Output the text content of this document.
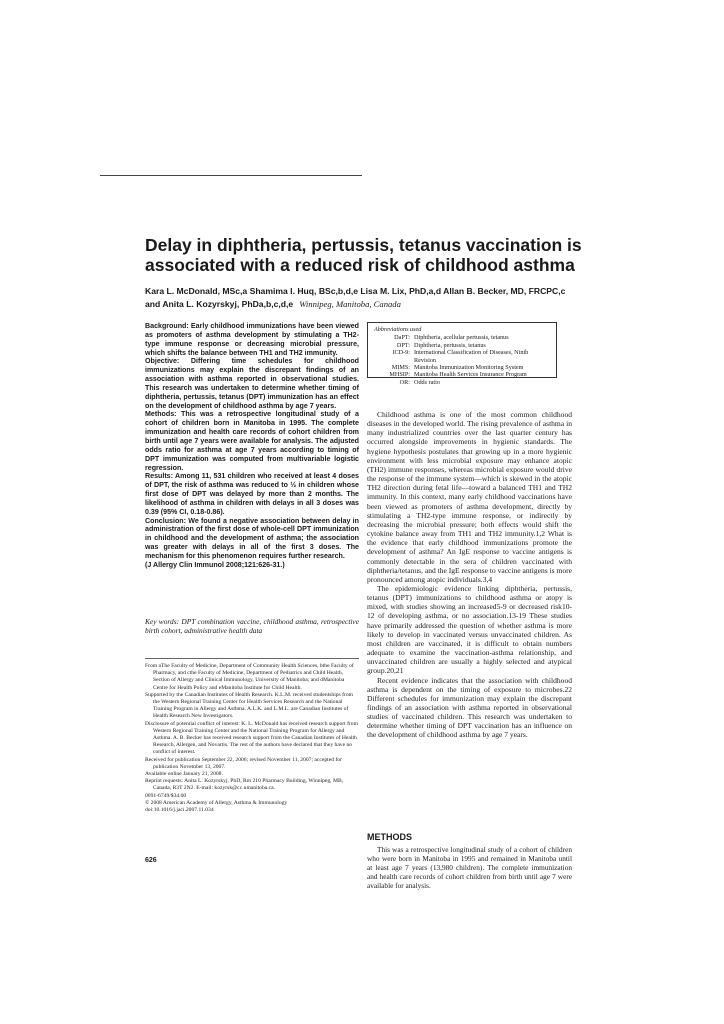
Delay in diphtheria, pertussis, tetanus vaccination is associated with a reduced risk of childhood asthma
Kara L. McDonald, MSc,a Shamima I. Huq, BSc,b,d,e Lisa M. Lix, PhD,a,d Allan B. Becker, MD, FRCPC,c
and Anita L. Kozyrskyj, PhDa,b,c,d,e Winnipeg, Manitoba, Canada

Background: Early childhood immunizations have been viewed as promoters of asthma development by stimulating a TH2-type immune response or decreasing microbial pressure, which shifts the balance between TH1 and TH2 immunity.

Objective: Differing time schedules for childhood immunizations may explain the discrepant findings of an association with asthma reported in observational studies. This research was undertaken to determine whether timing of diphtheria, pertussis, tetanus (DPT) immunization has an effect on the development of childhood asthma by age 7 years.

Methods: This was a retrospective longitudinal study of a cohort of children born in Manitoba in 1995. The complete immunization and health care records of cohort children from birth until age 7 years were available for analysis. The adjusted odds ratio for asthma at age 7 years according to timing of DPT immunization was computed from multivariable logistic regression.

Results: Among 11, 531 children who received at least 4 doses of DPT, the risk of asthma was reduced to ½ in children whose first dose of DPT was delayed by more than 2 months. The likelihood of asthma in children with delays in all 3 doses was 0.39 (95% CI, 0.18-0.86).

Conclusion: We found a negative association between delay in administration of the first dose of whole-cell DPT immunization in childhood and the development of asthma; the association was greater with delays in all of the first 3 doses. The mechanism for this phenomenon requires further research.

(J Allergy Clin Immunol 2008;121:626-31.)

Key words: DPT combination vaccine, childhood asthma, retrospective birth cohort, administrative health data

From aThe Faculty of Medicine, Department of Community Health Sciences, bthe Faculty of Pharmacy, and cthe Faculty of Medicine, Department of Pediatrics and Child Health, Section of Allergy and Clinical Immunology, University of Manitoba; and dManitoba Centre for Health Policy and eManitoba Institute for Child Health.

Supported by the Canadian Institutes of Health Research. K.L.M. received studentships from the Western Regional Training Center for Health Services Research and the National Training Program in Allergy and Asthma. A.L.K. and L.M.L. are Canadian Institutes of Health Research New Investigators.

Disclosure of potential conflict of interest: K. L. McDonald has received research support from Western Regional Training Center and the National Training Program for Allergy and Asthma. A. B. Becker has received research support from the Canadian Institutes of Health Research, Allergen, and Novartis. The rest of the authors have declared that they have no conflict of interest.

Received for publication September 22, 2006; revised November 11, 2007; accepted for publication November 13, 2007.

Available online January 21, 2008.

Reprint requests: Anita L. Kozyrskyj, PhD, Rm 210 Pharmacy Building, Winnipeg, MB, Canada, R3T 2N2. E-mail: kozyrsk@cc.umanitoba.ca.

0091-6749/$34.00

© 2008 American Academy of Allergy, Asthma & Immunology

doi:10.1016/j.jaci.2007.11.034

626
Abbreviations used
DaPT: Diphtheria, acellular pertussis, tetanus
DPT: Diphtheria, pertussis, tetanus
ICD-9: International Classification of Diseases, Ninth Revision
MIMS: Manitoba Immunization Monitoring System
MHSIP: Manitoba Health Services Insurance Program
OR: Odds ratio

Childhood asthma is one of the most common childhood diseases in the developed world. The rising prevalence of asthma in many industrialized countries over the last quarter century has occurred alongside improvements in hygienic standards. The hygiene hypothesis postulates that growing up in a more hygienic environment with less microbial exposure may enhance atopic (TH2) immune responses, whereas microbial exposure would drive the response of the immune system—which is skewed in the atopic TH2 direction during fetal life—toward a balanced TH1 and TH2 immunity. In this context, many early childhood vaccinations have been viewed as promoters of asthma development, directly by stimulating a TH2-type immune response, or indirectly by decreasing the microbial pressure; both effects would shift the cytokine balance away from TH1 and TH2 immunity.1,2 What is the evidence that early childhood immunizations promote the development of asthma? An IgE response to vaccine antigens is commonly detectable in the sera of children vaccinated with diphtheria/tetanus, and the IgE response to vaccine antigens is more pronounced among atopic individuals.3,4

The epidemiologic evidence linking diphtheria, pertussis, tetanus (DPT) immunizations to childhood asthma or atopy is mixed, with studies showing an increased5-9 or decreased risk10-12 of developing asthma, or no association.13-19 These studies have primarily addressed the question of whether asthma is more likely to develop in vaccinated versus unvaccinated children. As most children are vaccinated, it is difficult to obtain numbers adequate to examine the vaccination-asthma relationship, and unvaccinated children are usually a highly selected and atypical group.20,21

Recent evidence indicates that the association with childhood asthma is dependent on the timing of exposure to microbes.22 Different schedules for immunization may explain the discrepant findings of an association with asthma reported in observational studies of vaccinated children. This research was undertaken to determine whether timing of DPT vaccination has an influence on the development of childhood asthma by age 7 years.

METHODS

This was a retrospective longitudinal study of a cohort of children who were born in Manitoba in 1995 and remained in Manitoba until at least age 7 years (13,980 children). The complete immunization and health care records of cohort children from birth until age 7 were available for analysis.
